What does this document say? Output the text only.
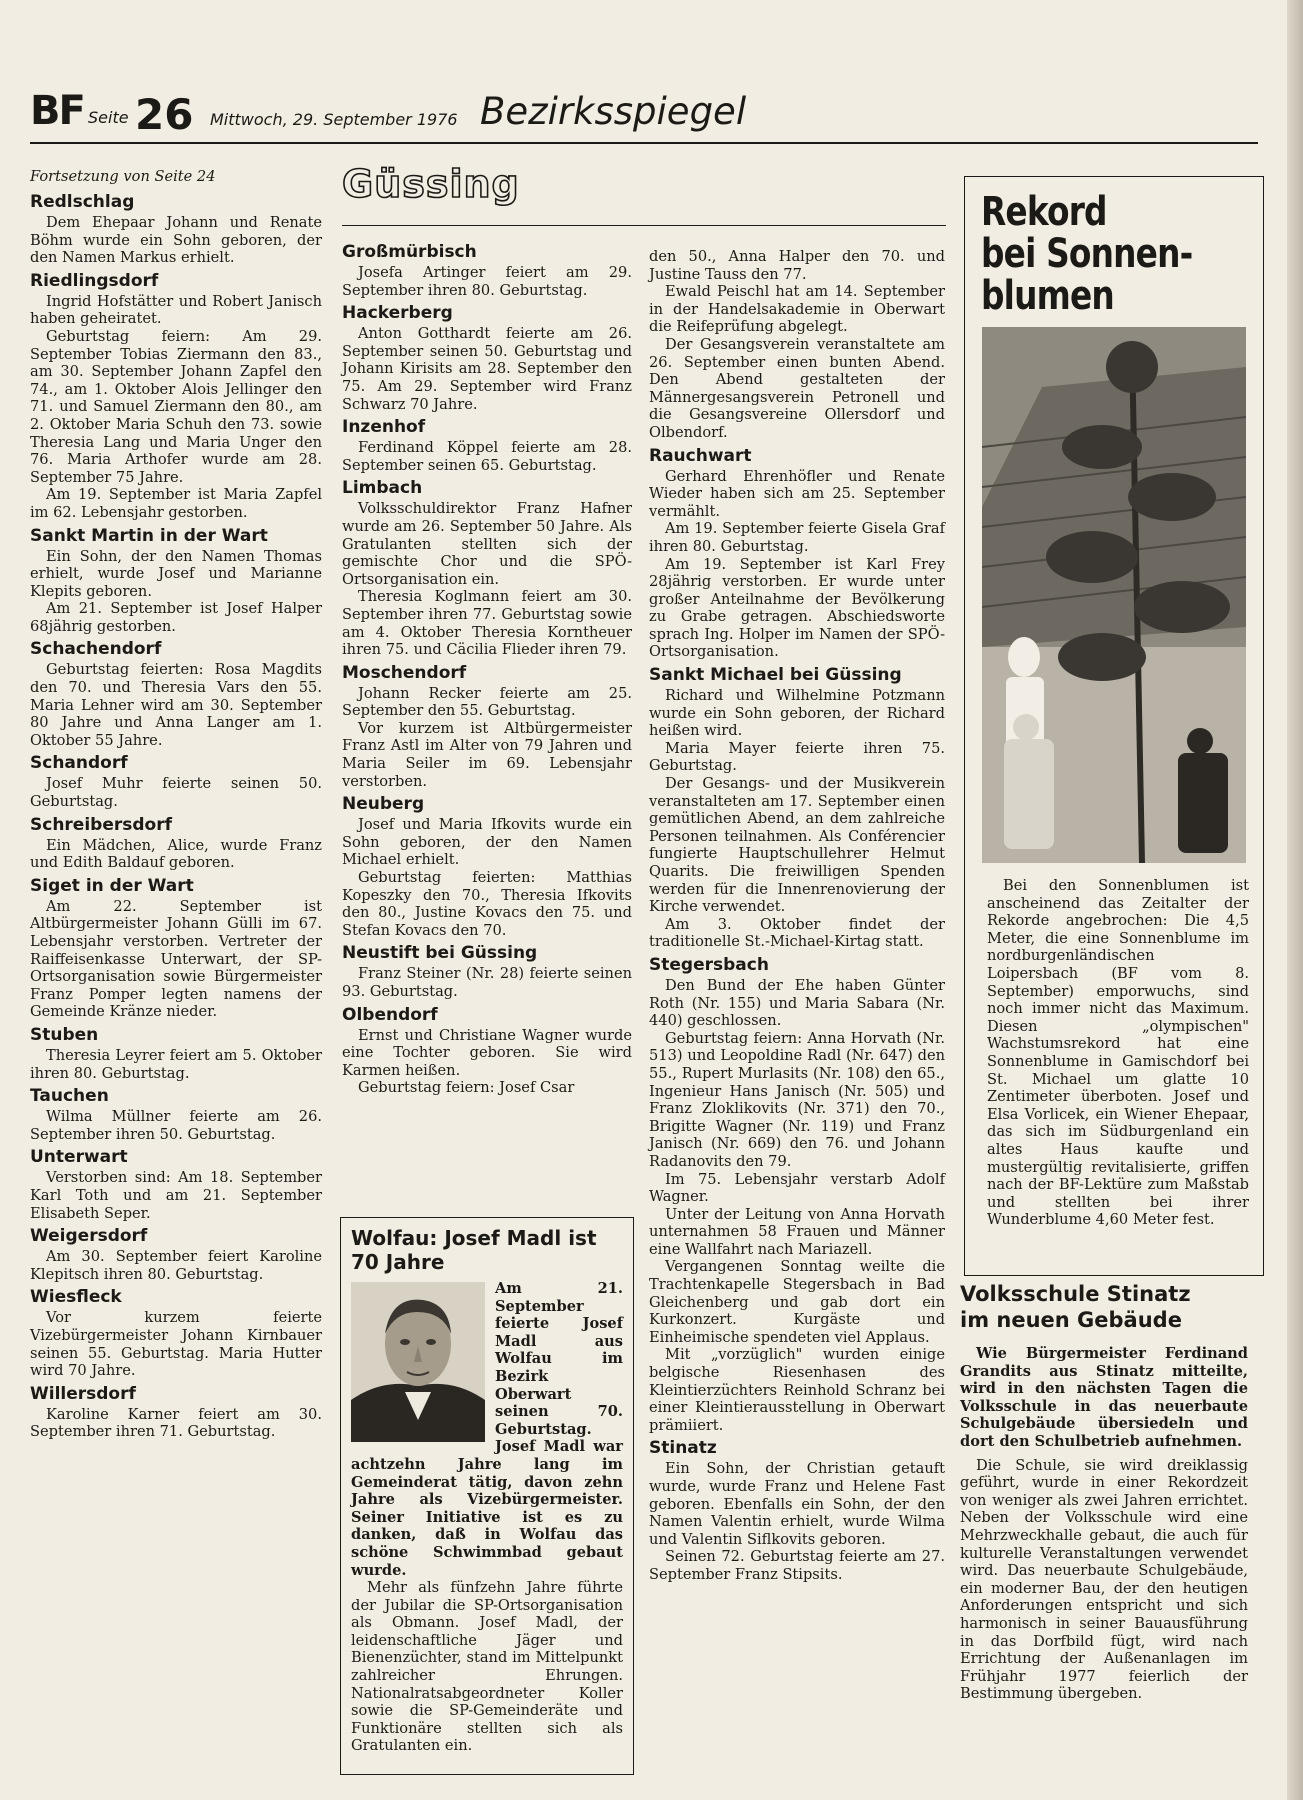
BF Seite 26 Mittwoch, 29. September 1976 Bezirksspiegel
Fortsetzung von Seite 24
Redlschlag

Dem Ehepaar Johann und Renate Böhm wurde ein Sohn geboren, der den Namen Markus erhielt.

Riedlingsdorf

Ingrid Hofstätter und Robert Janisch haben geheiratet.

Geburtstag feiern: Am 29. September Tobias Ziermann den 83., am 30. September Johann Zapfel den 74., am 1. Oktober Alois Jellinger den 71. und Samuel Ziermann den 80., am 2. Oktober Maria Schuh den 73. sowie Theresia Lang und Maria Unger den 76. Maria Arthofer wurde am 28. September 75 Jahre.

Am 19. September ist Maria Zapfel im 62. Lebensjahr gestorben.

Sankt Martin in der Wart

Ein Sohn, der den Namen Thomas erhielt, wurde Josef und Marianne Klepits geboren.

Am 21. September ist Josef Halper 68jährig gestorben.

Schachendorf

Geburtstag feierten: Rosa Magdits den 70. und Theresia Vars den 55. Maria Lehner wird am 30. September 80 Jahre und Anna Langer am 1. Oktober 55 Jahre.

Schandorf

Josef Muhr feierte seinen 50. Geburtstag.

Schreibersdorf

Ein Mädchen, Alice, wurde Franz und Edith Baldauf geboren.

Siget in der Wart

Am 22. September ist Altbürgermeister Johann Gülli im 67. Lebensjahr verstorben. Vertreter der Raiffeisenkasse Unterwart, der SP-Ortsorganisation sowie Bürgermeister Franz Pomper legten namens der Gemeinde Kränze nieder.

Stuben

Theresia Leyrer feiert am 5. Oktober ihren 80. Geburtstag.

Tauchen

Wilma Müllner feierte am 26. September ihren 50. Geburtstag.

Unterwart

Verstorben sind: Am 18. September Karl Toth und am 21. September Elisabeth Seper.

Weigersdorf

Am 30. September feiert Karoline Klepitsch ihren 80. Geburtstag.

Wiesfleck

Vor kurzem feierte Vizebürgermeister Johann Kirnbauer seinen 55. Geburtstag. Maria Hutter wird 70 Jahre.

Willersdorf

Karoline Karner feiert am 30. September ihren 71. Geburtstag.

Güssing
Großmürbisch

Josefa Artinger feiert am 29. September ihren 80. Geburtstag.

Hackerberg

Anton Gotthardt feierte am 26. September seinen 50. Geburtstag und Johann Kirisits am 28. September den 75. Am 29. September wird Franz Schwarz 70 Jahre.

Inzenhof

Ferdinand Köppel feierte am 28. September seinen 65. Geburtstag.

Limbach

Volksschuldirektor Franz Hafner wurde am 26. September 50 Jahre. Als Gratulanten stellten sich der gemischte Chor und die SPÖ-Ortsorganisation ein.

Theresia Koglmann feiert am 30. September ihren 77. Geburtstag sowie am 4. Oktober Theresia Korntheuer ihren 75. und Cäcilia Flieder ihren 79.

Moschendorf

Johann Recker feierte am 25. September den 55. Geburtstag.

Vor kurzem ist Altbürgermeister Franz Astl im Alter von 79 Jahren und Maria Seiler im 69. Lebensjahr verstorben.

Neuberg

Josef und Maria Ifkovits wurde ein Sohn geboren, der den Namen Michael erhielt.

Geburtstag feierten: Matthias Kopeszky den 70., Theresia Ifkovits den 80., Justine Kovacs den 75. und Stefan Kovacs den 70.

Neustift bei Güssing

Franz Steiner (Nr. 28) feierte seinen 93. Geburtstag.

Olbendorf

Ernst und Christiane Wagner wurde eine Tochter geboren. Sie wird Karmen heißen.

Geburtstag feiern: Josef Csar

Wolfau: Josef Madl ist 70 Jahre

Am 21. September feierte Josef Madl aus Wolfau im Bezirk Oberwart seinen 70. Geburtstag. Josef Madl war achtzehn Jahre lang im Gemeinderat tätig, davon zehn Jahre als Vizebürgermeister. Seiner Initiative ist es zu danken, daß in Wolfau das schöne Schwimmbad gebaut wurde.

Mehr als fünfzehn Jahre führte der Jubilar die SP-Ortsorganisation als Obmann. Josef Madl, der leidenschaftliche Jäger und Bienenzüchter, stand im Mittelpunkt zahlreicher Ehrungen. Nationalratsabgeordneter Koller sowie die SP-Gemeinderäte und Funktionäre stellten sich als Gratulanten ein.

den 50., Anna Halper den 70. und Justine Tauss den 77.

Ewald Peischl hat am 14. September in der Handelsakademie in Oberwart die Reifeprüfung abgelegt.

Der Gesangsverein veranstaltete am 26. September einen bunten Abend. Den Abend gestalteten der Männergesangsverein Petronell und die Gesangsvereine Ollersdorf und Olbendorf.

Rauchwart

Gerhard Ehrenhöfler und Renate Wieder haben sich am 25. September vermählt.

Am 19. September feierte Gisela Graf ihren 80. Geburtstag.

Am 19. September ist Karl Frey 28jährig verstorben. Er wurde unter großer Anteilnahme der Bevölkerung zu Grabe getragen. Abschiedsworte sprach Ing. Holper im Namen der SPÖ-Ortsorganisation.

Sankt Michael bei Güssing

Richard und Wilhelmine Potzmann wurde ein Sohn geboren, der Richard heißen wird.

Maria Mayer feierte ihren 75. Geburtstag.

Der Gesangs- und der Musikverein veranstalteten am 17. September einen gemütlichen Abend, an dem zahlreiche Personen teilnahmen. Als Conférencier fungierte Hauptschullehrer Helmut Quarits. Die freiwilligen Spenden werden für die Innenrenovierung der Kirche verwendet.

Am 3. Oktober findet der traditionelle St.-Michael-Kirtag statt.

Stegersbach

Den Bund der Ehe haben Günter Roth (Nr. 155) und Maria Sabara (Nr. 440) geschlossen.

Geburtstag feiern: Anna Horvath (Nr. 513) und Leopoldine Radl (Nr. 647) den 55., Rupert Murlasits (Nr. 108) den 65., Ingenieur Hans Janisch (Nr. 505) und Franz Zloklikovits (Nr. 371) den 70., Brigitte Wagner (Nr. 119) und Franz Janisch (Nr. 669) den 76. und Johann Radanovits den 79.

Im 75. Lebensjahr verstarb Adolf Wagner.

Unter der Leitung von Anna Horvath unternahmen 58 Frauen und Männer eine Wallfahrt nach Mariazell.

Vergangenen Sonntag weilte die Trachtenkapelle Stegersbach in Bad Gleichenberg und gab dort ein Kurkonzert. Kurgäste und Einheimische spendeten viel Applaus.

Mit „vorzüglich" wurden einige belgische Riesenhasen des Kleintierzüchters Reinhold Schranz bei einer Kleintierausstellung in Oberwart prämiiert.

Stinatz

Ein Sohn, der Christian getauft wurde, wurde Franz und Helene Fast geboren. Ebenfalls ein Sohn, der den Namen Valentin erhielt, wurde Wilma und Valentin Siflkovits geboren.

Seinen 72. Geburtstag feierte am 27. September Franz Stipsits.

Rekord
bei Sonnen-
blumen

Bei den Sonnenblumen ist anscheinend das Zeitalter der Rekorde angebrochen: Die 4,5 Meter, die eine Sonnenblume im nordburgenländischen Loipersbach (BF vom 8. September) emporwuchs, sind noch immer nicht das Maximum. Diesen „olympischen" Wachstumsrekord hat eine Sonnenblume in Gamischdorf bei St. Michael um glatte 10 Zentimeter überboten. Josef und Elsa Vorlicek, ein Wiener Ehepaar, das sich im Südburgenland ein altes Haus kaufte und mustergültig revitalisierte, griffen nach der BF-Lektüre zum Maßstab und stellten bei ihrer Wunderblume 4,60 Meter fest.

Volksschule Stinatz
im neuen Gebäude

Wie Bürgermeister Ferdinand Grandits aus Stinatz mitteilte, wird in den nächsten Tagen die Volksschule in das neuerbaute Schulgebäude übersiedeln und dort den Schulbetrieb aufnehmen.

Die Schule, sie wird dreiklassig geführt, wurde in einer Rekordzeit von weniger als zwei Jahren errichtet. Neben der Volksschule wird eine Mehrzweckhalle gebaut, die auch für kulturelle Veranstaltungen verwendet wird. Das neuerbaute Schulgebäude, ein moderner Bau, der den heutigen Anforderungen entspricht und sich harmonisch in seiner Bauausführung in das Dorfbild fügt, wird nach Errichtung der Außenanlagen im Frühjahr 1977 feierlich der Bestimmung übergeben.
